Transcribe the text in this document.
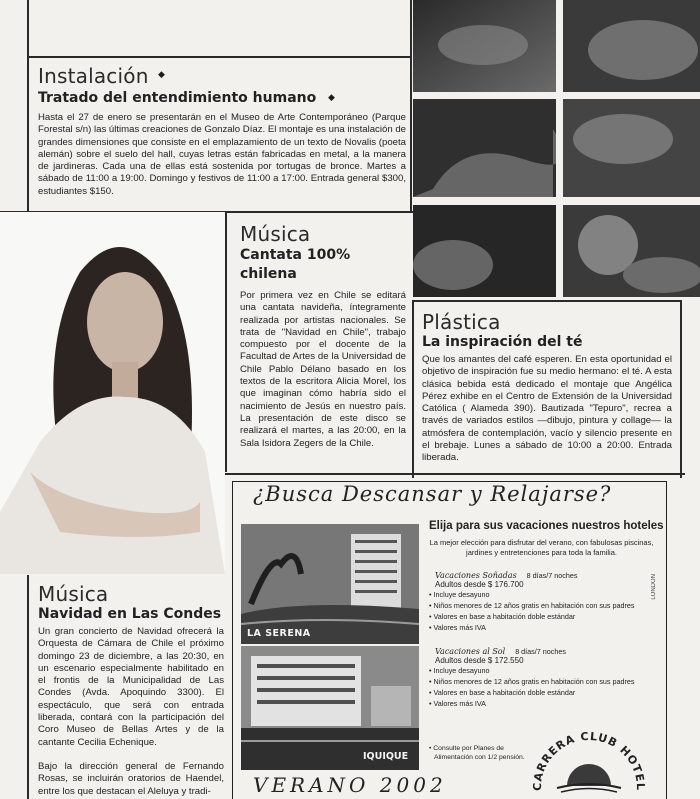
Instalación ◆
Tratado del entendimiento humano ◆

Hasta el 27 de enero se presentarán en el Museo de Arte Contemporáneo (Parque Forestal s/n) las últimas creaciones de Gonzalo Díaz. El montaje es una instalación de grandes dimensiones que consiste en el emplazamiento de un texto de Novalis (poeta alemán) sobre el suelo del hall, cuyas letras están fabricadas en metal, a la manera de jardineras. Cada una de ellas está sostenida por tortugas de bronce. Martes a sábado de 11:00 a 19:00. Domingo y festivos de 11:00 a 17:00. Entrada general $300, estudiantes $150.

Música
Cantata 100%
chilena

Por primera vez en Chile se editará una cantata navideña, íntegramente realizada por artistas nacionales. Se trata de "Navidad en Chile", trabajo compuesto por el docente de la Facultad de Artes de la Universidad de Chile Pablo Délano basado en los textos de la escritora Alicia Morel, los que imaginan cómo habría sido el nacimiento de Jesús en nuestro país. La presentación de este disco se realizará el martes, a las 20:00, en la Sala Isidora Zegers de la Chile.

Plástica
La inspiración del té

Que los amantes del café esperen. En esta oportunidad el objetivo de inspiración fue su medio hermano: el té. A esta clásica bebida está dedicado el montaje que Angélica Pérez exhibe en el Centro de Extensión de la Universidad Católica ( Alameda 390). Bautizada "Tepuro", recrea a través de variados estilos —dibujo, pintura y collage— la atmósfera de contemplación, vacío y silencio presente en el brebaje. Lunes a sábado de 10:00 a 20:00. Entrada liberada.

Música
Navidad en Las Condes

Un gran concierto de Navidad ofrecerá la Orquesta de Cámara de Chile el próximo domingo 23 de diciembre, a las 20:30, en un escenario especialmente habilitado en el frontis de la Municipalidad de Las Condes (Avda. Apoquindo 3300). El espectáculo, que será con entrada liberada, contará con la participación del Coro Museo de Bellas Artes y de la cantante Cecilia Echenique.

Bajo la dirección general de Fernando Rosas, se incluirán oratorios de Haendel, entre los que destacan el Aleluya y tradi-

¿Busca Descansar y Relajarse?
LA SERENA
IQUIQUE
Elija para sus vacaciones nuestros hoteles
La mejor elección para disfrutar del verano, con fabulosas piscinas, jardines y entretenciones para toda la familia.
Vacaciones Soñadas 8 días/7 noches
Adultos desde $ 176.700
• Incluye desayuno
• Niños menores de 12 años gratis en habitación con sus padres
• Valores en base a habitación doble estándar
• Valores más IVA
Vacaciones al Sol 8 días/7 noches
Adultos desde $ 172.550
• Incluye desayuno
• Niños menores de 12 años gratis en habitación con sus padres
• Valores en base a habitación doble estándar
• Valores más IVA
• Consulte por Planes de
Alimentación con 1/2 pensión.
LONDON
RRERA CLUB HOT
VERANO 2002
